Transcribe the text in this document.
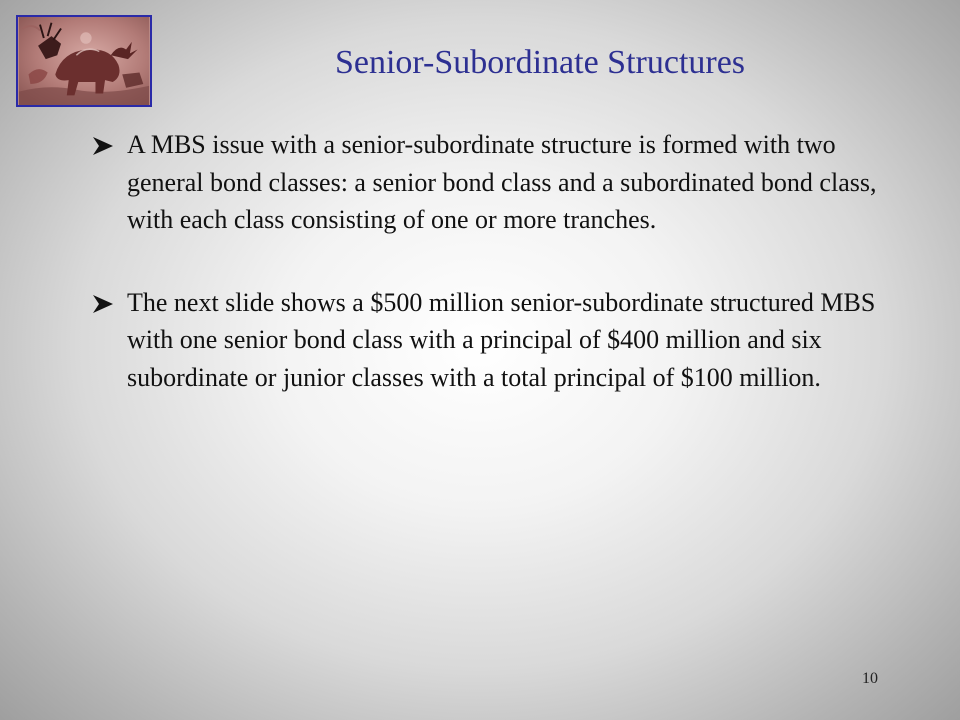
Senior-Subordinate Structures
A MBS issue with a senior-subordinate structure is formed with two general bond classes: a senior bond class and a subordinated bond class, with each class consisting of one or more tranches.
The next slide shows a $500 million senior-subordinate structured MBS with one senior bond class with a principal of $400 million and six subordinate or junior classes with a total principal of $100 million.
10
